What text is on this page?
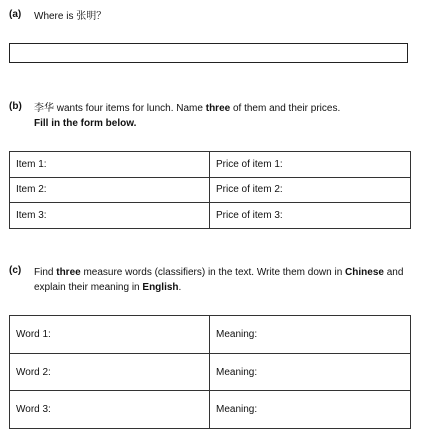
(a) Where is 张明？
(b) 李华 wants four items for lunch. Name three of them and their prices.
Fill in the form below.
Item 1:	Price of item 1:
Item 2:	Price of item 2:
Item 3:	Price of item 3:
(c) Find three measure words (classifiers) in the text. Write them down in Chinese and
explain their meaning in English.
Word 1:	Meaning:
Word 2:	Meaning:
Word 3:	Meaning:
